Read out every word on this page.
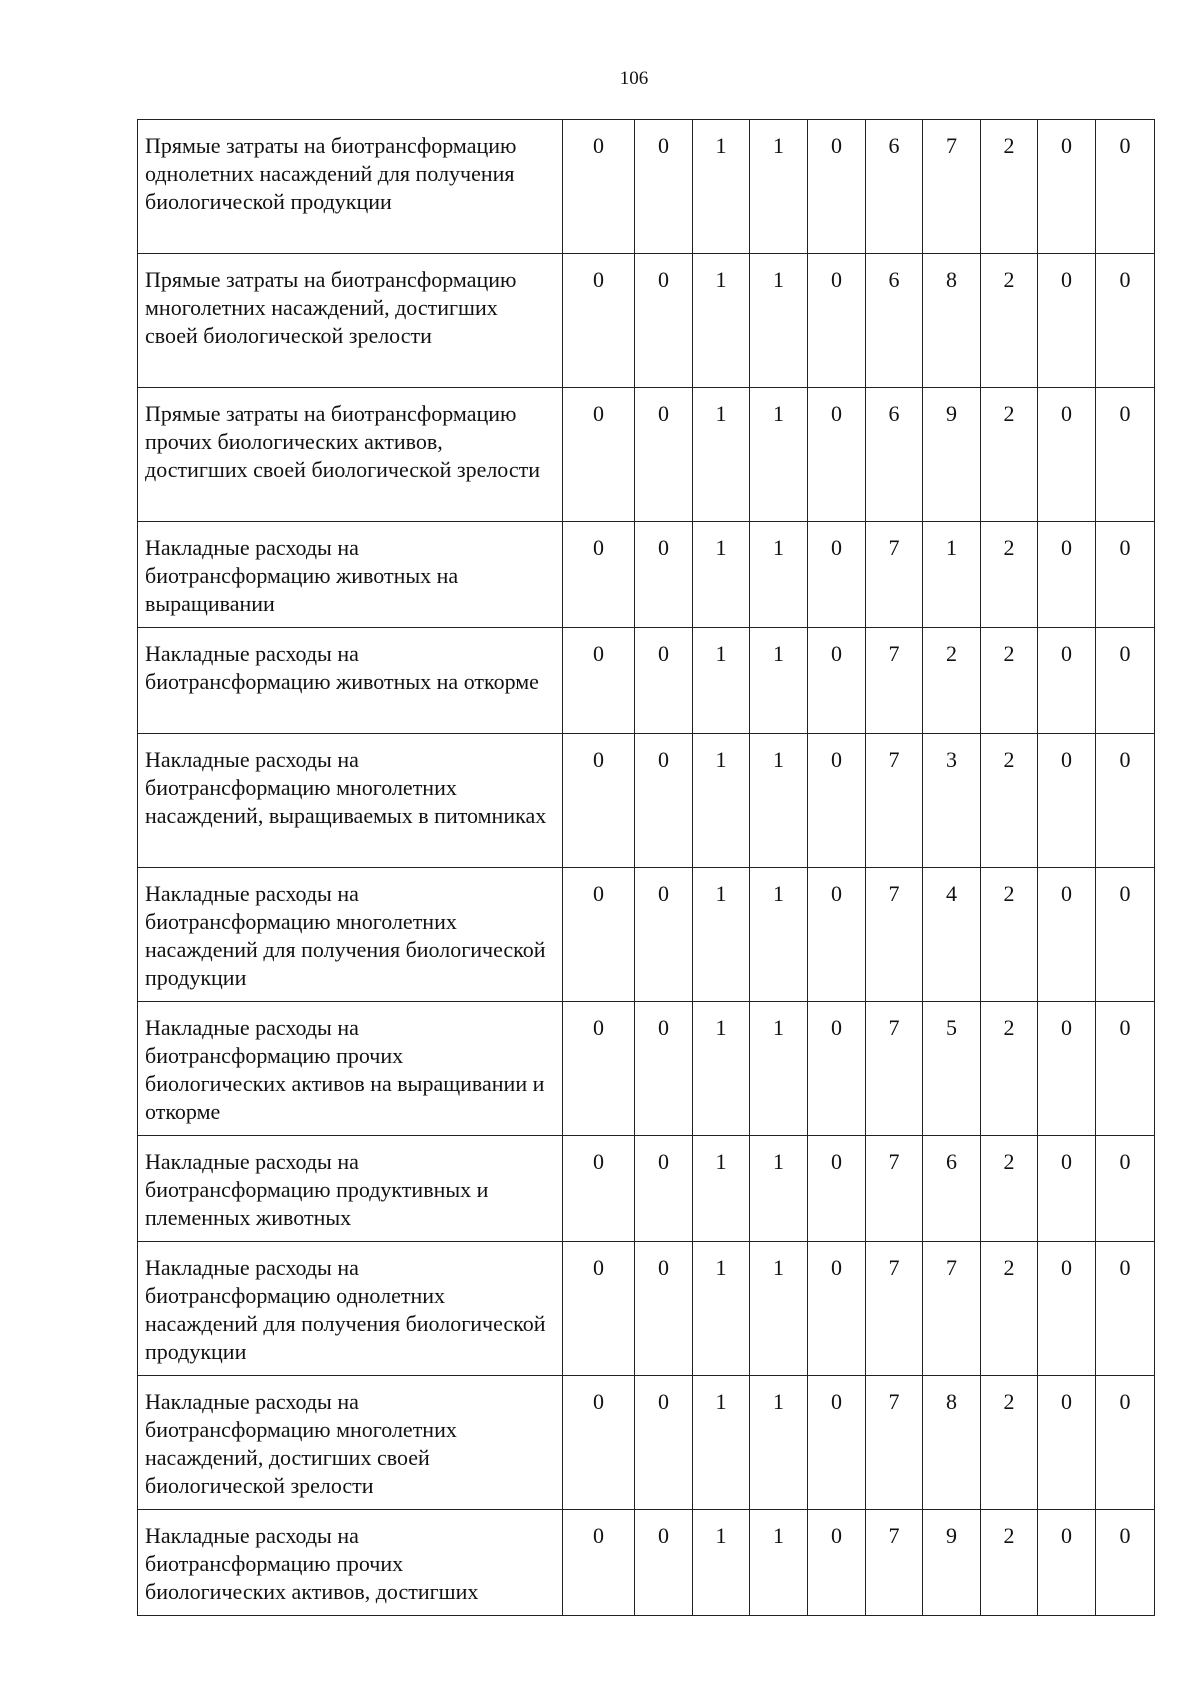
106
Прямые затраты на биотрансформацию однолетних насаждений для получения биологической продукции	0	0	1	1	0	6	7	2	0	0
Прямые затраты на биотрансформацию многолетних насаждений, достигших своей биологической зрелости	0	0	1	1	0	6	8	2	0	0
Прямые затраты на биотрансформацию прочих биологических активов, достигших своей биологической зрелости	0	0	1	1	0	6	9	2	0	0
Накладные расходы на биотрансформацию животных на выращивании	0	0	1	1	0	7	1	2	0	0
Накладные расходы на биотрансформацию животных на откорме	0	0	1	1	0	7	2	2	0	0
Накладные расходы на биотрансформацию многолетних насаждений, выращиваемых в питомниках	0	0	1	1	0	7	3	2	0	0
Накладные расходы на биотрансформацию многолетних насаждений для получения биологической продукции	0	0	1	1	0	7	4	2	0	0
Накладные расходы на биотрансформацию прочих биологических активов на выращивании и откорме	0	0	1	1	0	7	5	2	0	0
Накладные расходы на биотрансформацию продуктивных и племенных животных	0	0	1	1	0	7	6	2	0	0
Накладные расходы на биотрансформацию однолетних насаждений для получения биологической продукции	0	0	1	1	0	7	7	2	0	0
Накладные расходы на биотрансформацию многолетних насаждений, достигших своей биологической зрелости	0	0	1	1	0	7	8	2	0	0
Накладные расходы на биотрансформацию прочих биологических активов, достигших	0	0	1	1	0	7	9	2	0	0
